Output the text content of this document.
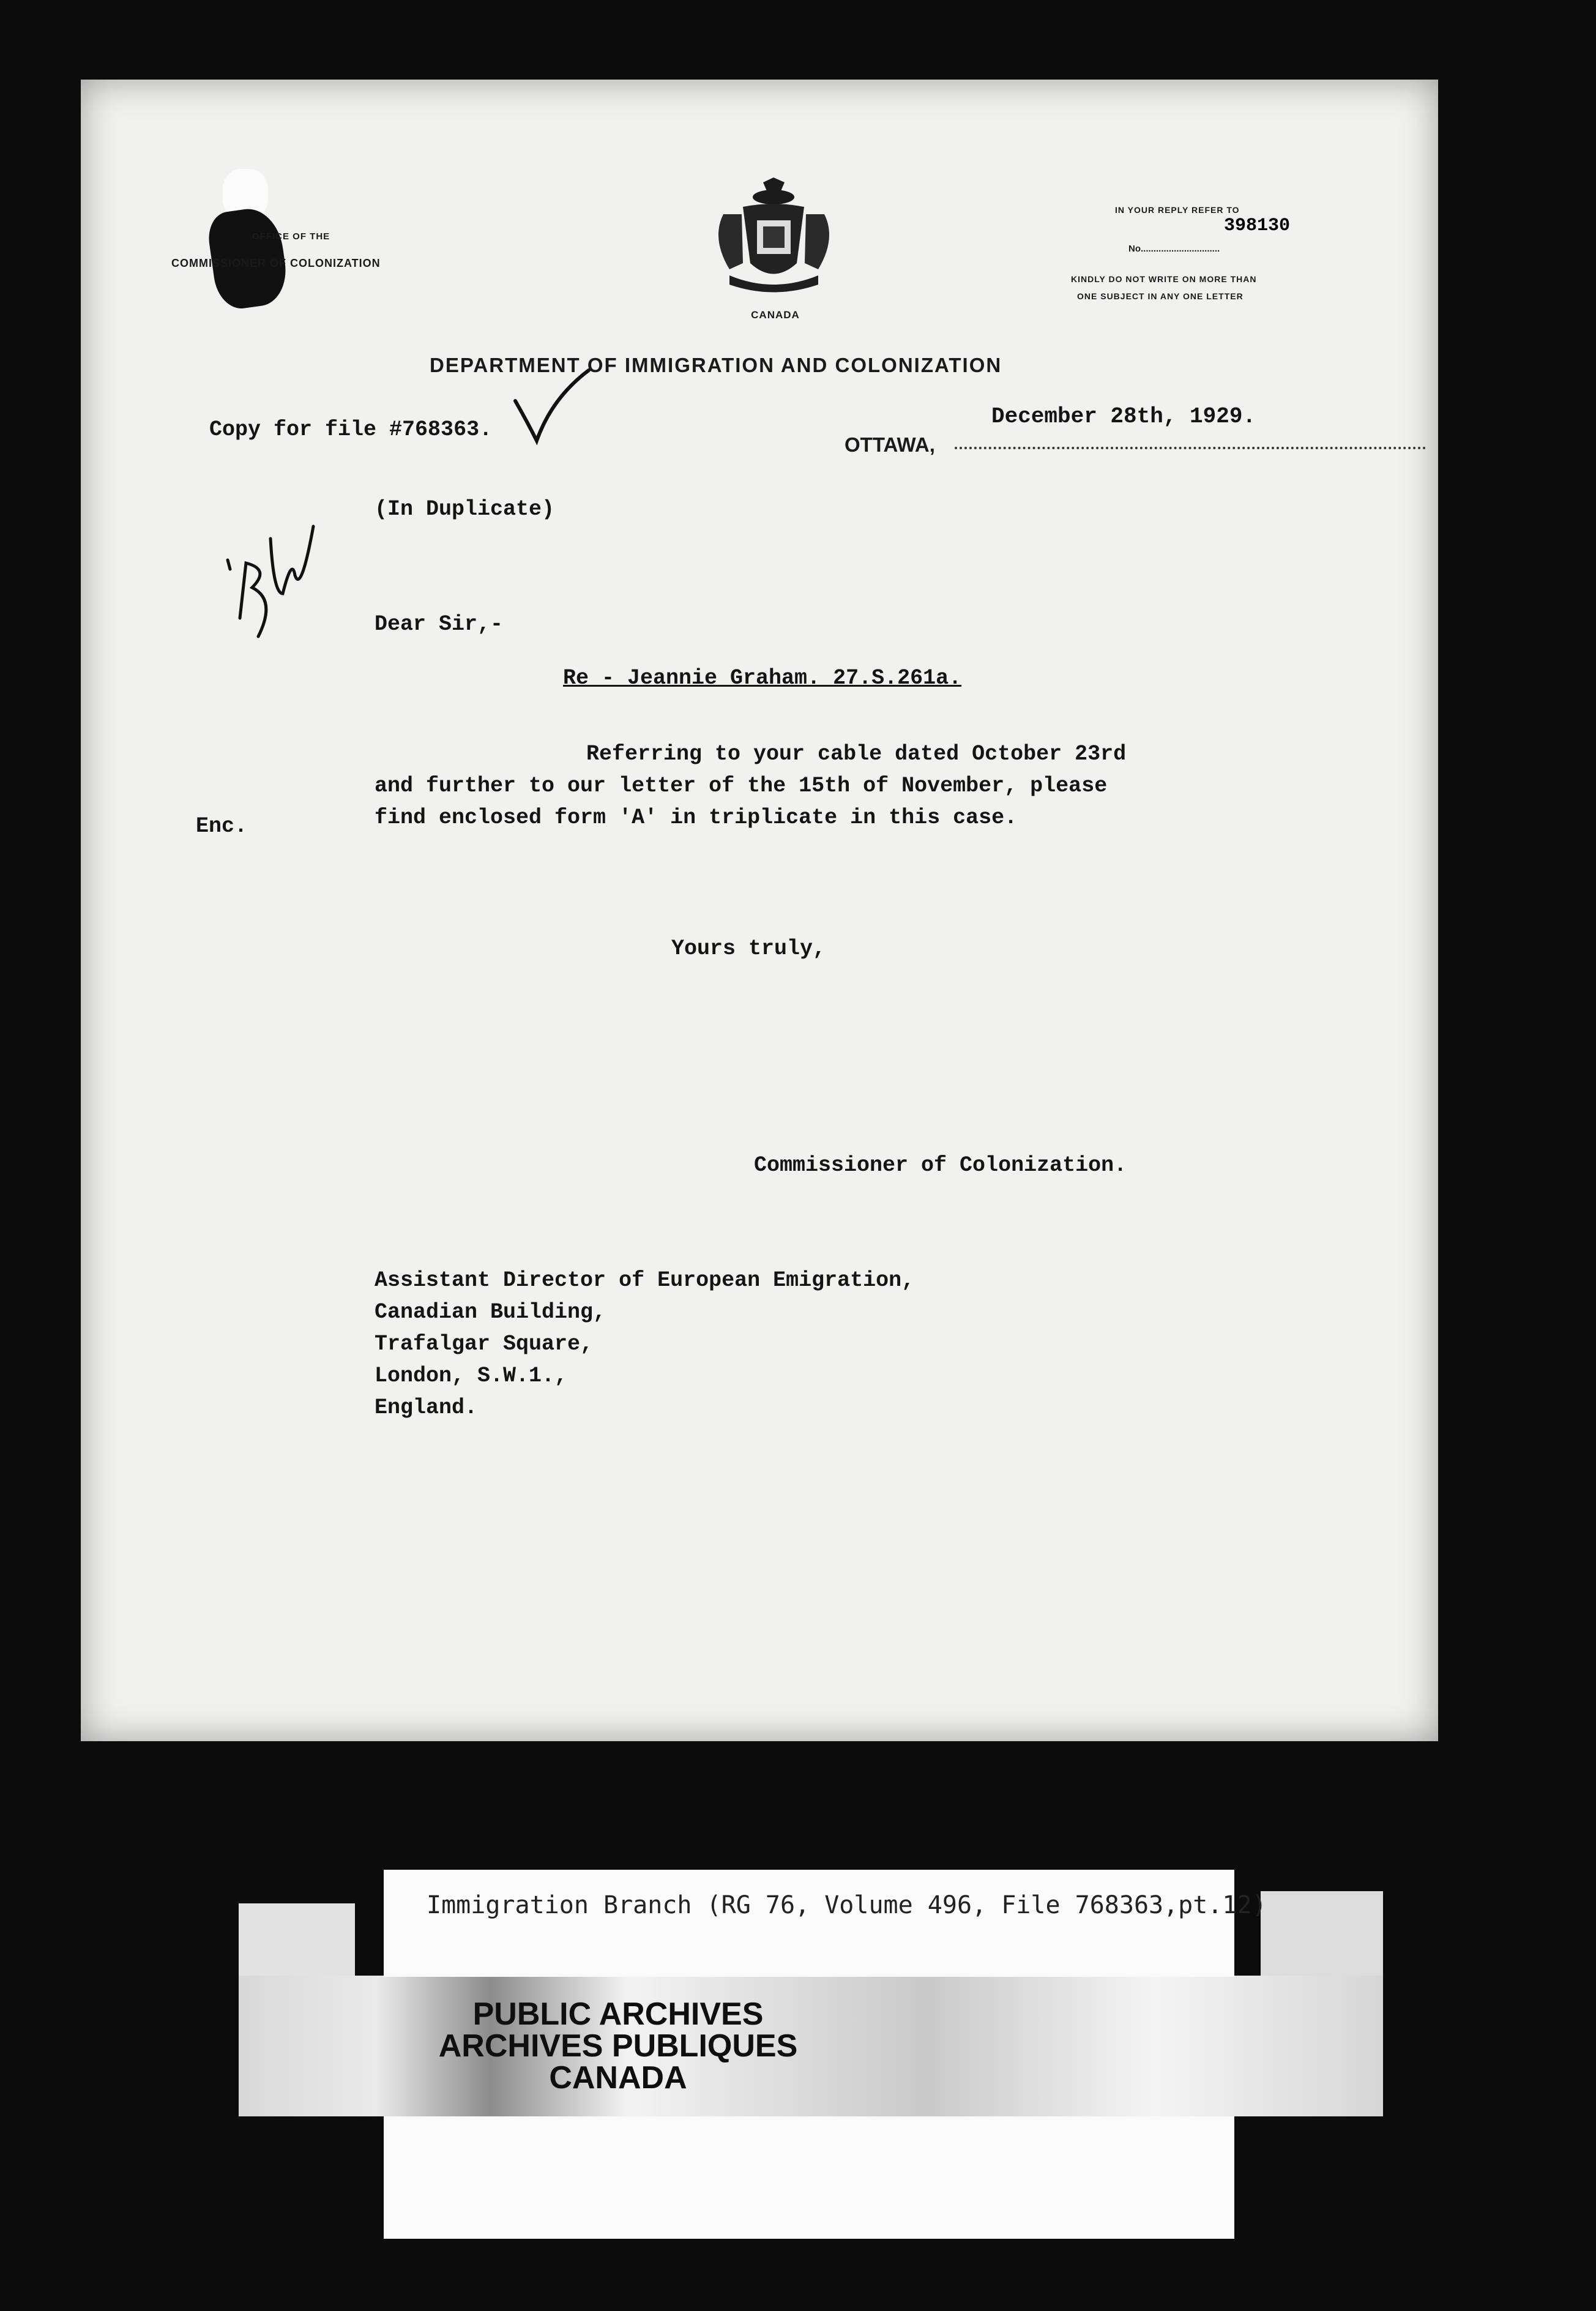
OFFICE OF THE
COMMISSIONER OF COLONIZATION
CANADA
IN YOUR REPLY REFER TO
398130
No...............................
KINDLY DO NOT WRITE ON MORE THAN
ONE SUBJECT IN ANY ONE LETTER
DEPARTMENT OF IMMIGRATION AND COLONIZATION
Copy for file #768363.
December 28th, 1929.
OTTAWA,
(In Duplicate)
Dear Sir,-
Re - Jeannie Graham. 27.S.261a.
Referring to your cable dated October 23rd
and further to our letter of the 15th of November, please
find enclosed form 'A' in triplicate in this case.
Enc.
Yours truly,
Commissioner of Colonization.
Assistant Director of European Emigration,
Canadian Building,
Trafalgar Square,
London, S.W.1.,
England.
Immigration Branch (RG 76, Volume 496, File 768363,pt.12)
PUBLIC ARCHIVES
ARCHIVES PUBLIQUES
CANADA
